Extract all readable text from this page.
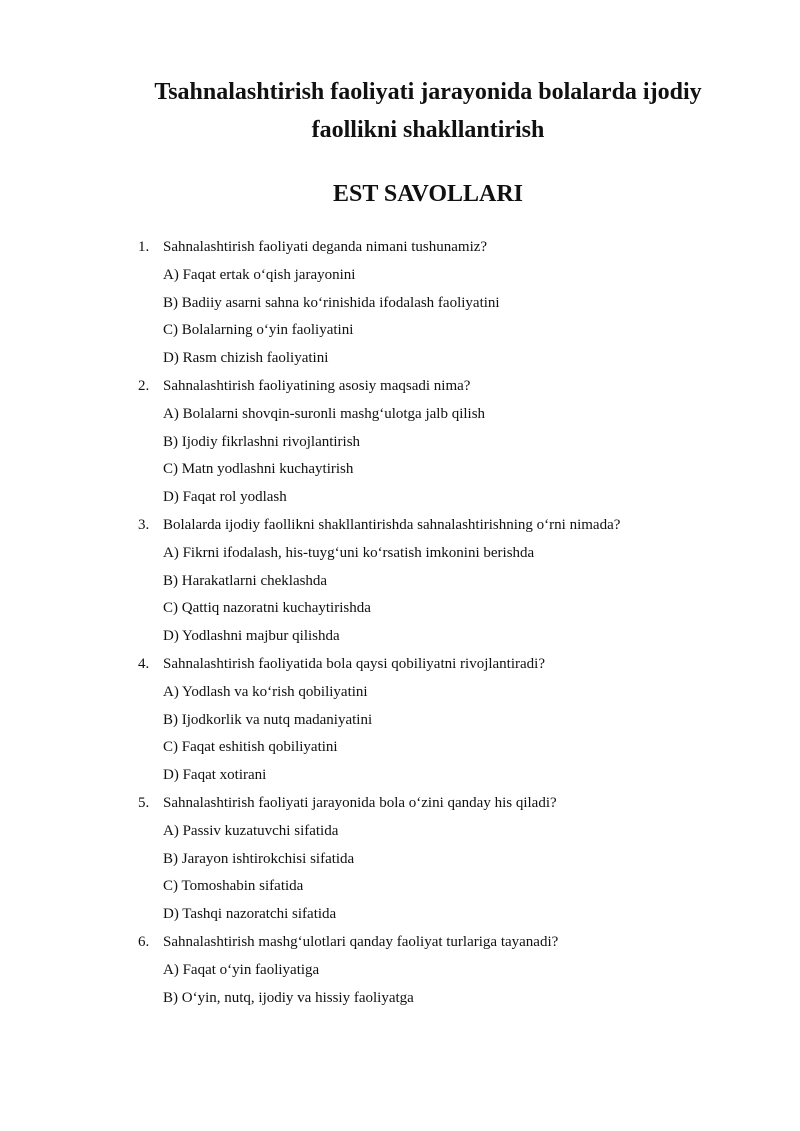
Tsahnalashtirish faoliyati jarayonida bolalarda ijodiy
faollikni shakllantirish
EST SAVOLLARI
1. Sahnalashtirish faoliyati deganda nimani tushunamiz?
A) Faqat ertak o‘qish jarayonini
B) Badiiy asarni sahna ko‘rinishida ifodalash faoliyatini
C) Bolalarning o‘yin faoliyatini
D) Rasm chizish faoliyatini
2. Sahnalashtirish faoliyatining asosiy maqsadi nima?
A) Bolalarni shovqin-suronli mashg‘ulotga jalb qilish
B) Ijodiy fikrlashni rivojlantirish
C) Matn yodlashni kuchaytirish
D) Faqat rol yodlash
3. Bolalarda ijodiy faollikni shakllantirishda sahnalashtirishning o‘rni nimada?
A) Fikrni ifodalash, his-tuyg‘uni ko‘rsatish imkonini berishda
B) Harakatlarni cheklashda
C) Qattiq nazoratni kuchaytirishda
D) Yodlashni majbur qilishda
4. Sahnalashtirish faoliyatida bola qaysi qobiliyatni rivojlantiradi?
A) Yodlash va ko‘rish qobiliyatini
B) Ijodkorlik va nutq madaniyatini
C) Faqat eshitish qobiliyatini
D) Faqat xotirani
5. Sahnalashtirish faoliyati jarayonida bola o‘zini qanday his qiladi?
A) Passiv kuzatuvchi sifatida
B) Jarayon ishtirokchisi sifatida
C) Tomoshabin sifatida
D) Tashqi nazoratchi sifatida
6. Sahnalashtirish mashg‘ulotlari qanday faoliyat turlariga tayanadi?
A) Faqat o‘yin faoliyatiga
B) O‘yin, nutq, ijodiy va hissiy faoliyatga
